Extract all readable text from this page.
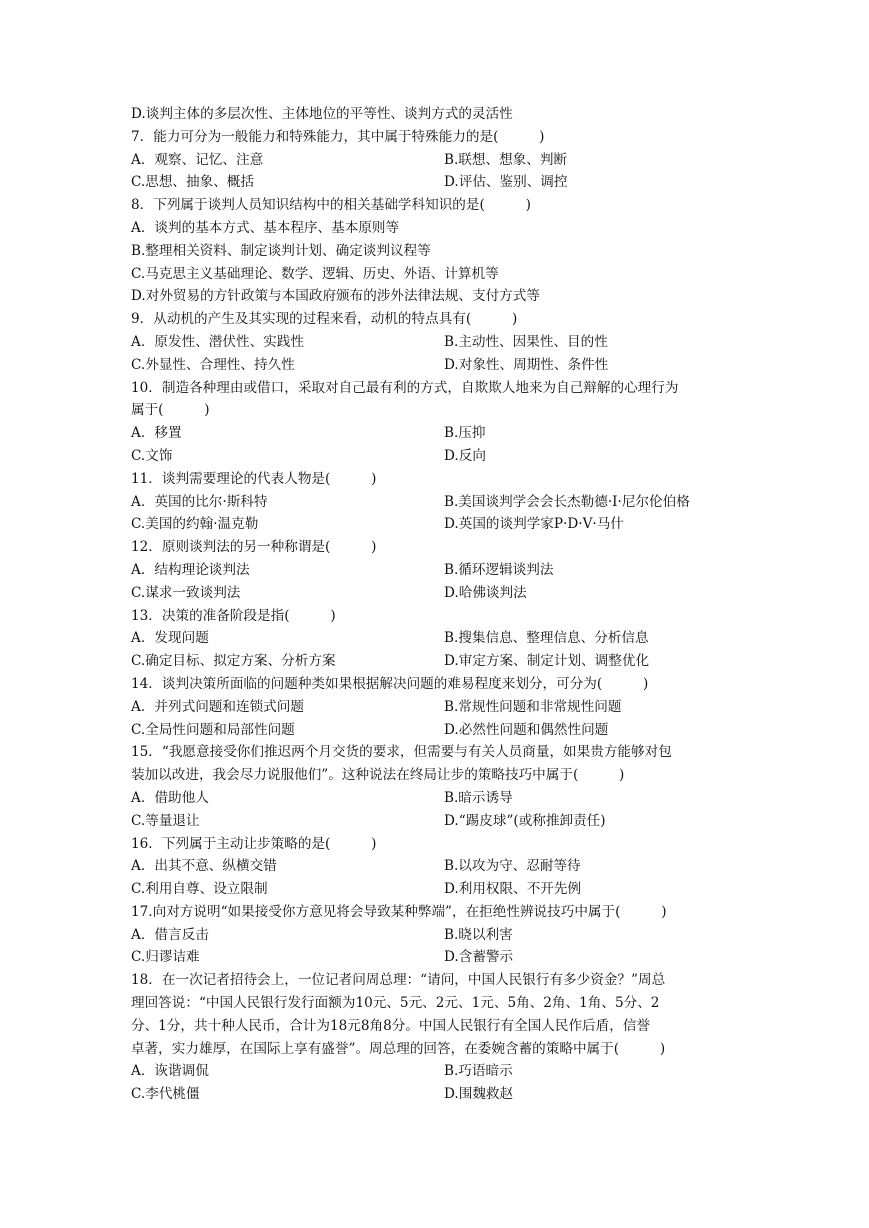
D.谈判主体的多层次性、主体地位的平等性、谈判方式的灵活性
7．能力可分为一般能力和特殊能力，其中属于特殊能力的是(　　　)
A．观察、记忆、注意	B.联想、想象、判断
C.思想、抽象、概括	D.评估、鉴别、调控
8．下列属于谈判人员知识结构中的相关基础学科知识的是(　　　)
A．谈判的基本方式、基本程序、基本原则等
B.整理相关资料、制定谈判计划、确定谈判议程等
C.马克思主义基础理论、数学、逻辑、历史、外语、计算机等
D.对外贸易的方针政策与本国政府颁布的涉外法律法规、支付方式等
9．从动机的产生及其实现的过程来看，动机的特点具有(　　　)
A．原发性、潜伏性、实践性	B.主动性、因果性、目的性
C.外显性、合理性、持久性	D.对象性、周期性、条件性
10．制造各种理由或借口，采取对自己最有利的方式，自欺欺人地来为自己辩解的心理行为
属于(　　　)
A．移置	B.压抑
C.文饰	D.反向
11．谈判需要理论的代表人物是(　　　)
A．英国的比尔·斯科特	B.美国谈判学会会长杰勒德·I·尼尔伦伯格
C.美国的约翰·温克勒	D.英国的谈判学家P·D·V·马什
12．原则谈判法的另一种称谓是(　　　)
A．结构理论谈判法	B.循环逻辑谈判法
C.谋求一致谈判法	D.哈佛谈判法
13．决策的准备阶段是指(　　　)
A．发现问题	B.搜集信息、整理信息、分析信息
C.确定目标、拟定方案、分析方案	D.审定方案、制定计划、调整优化
14．谈判决策所面临的问题种类如果根据解决问题的难易程度来划分，可分为(　　　)
A．并列式问题和连锁式问题	B.常规性问题和非常规性问题
C.全局性问题和局部性问题	D.必然性问题和偶然性问题
15．“我愿意接受你们推迟两个月交货的要求，但需要与有关人员商量，如果贵方能够对包
装加以改进，我会尽力说服他们”。这种说法在终局让步的策略技巧中属于(　　　)
A．借助他人	B.暗示诱导
C.等量退让	D.“踢皮球”(或称推卸责任)
16．下列属于主动让步策略的是(　　　)
A．出其不意、纵横交错	B.以攻为守、忍耐等待
C.利用自尊、设立限制	D.利用权限、不开先例
17.向对方说明“如果接受你方意见将会导致某种弊端”，在拒绝性辨说技巧中属于(　　　)
A．借言反击	B.晓以利害
C.归谬诘难	D.含蓄警示
18．在一次记者招待会上，一位记者问周总理：“请问，中国人民银行有多少资金？”周总
理回答说：“中国人民银行发行面额为10元、5元、2元、1元、5角、2角、1角、5分、2
分、1分，共十种人民币，合计为18元8角8分。中国人民银行有全国人民作后盾，信誉
卓著，实力雄厚，在国际上享有盛誉”。周总理的回答，在委婉含蓄的策略中属于(　　　)
A．诙谐调侃	B.巧语暗示
C.李代桃僵	D.围魏救赵
